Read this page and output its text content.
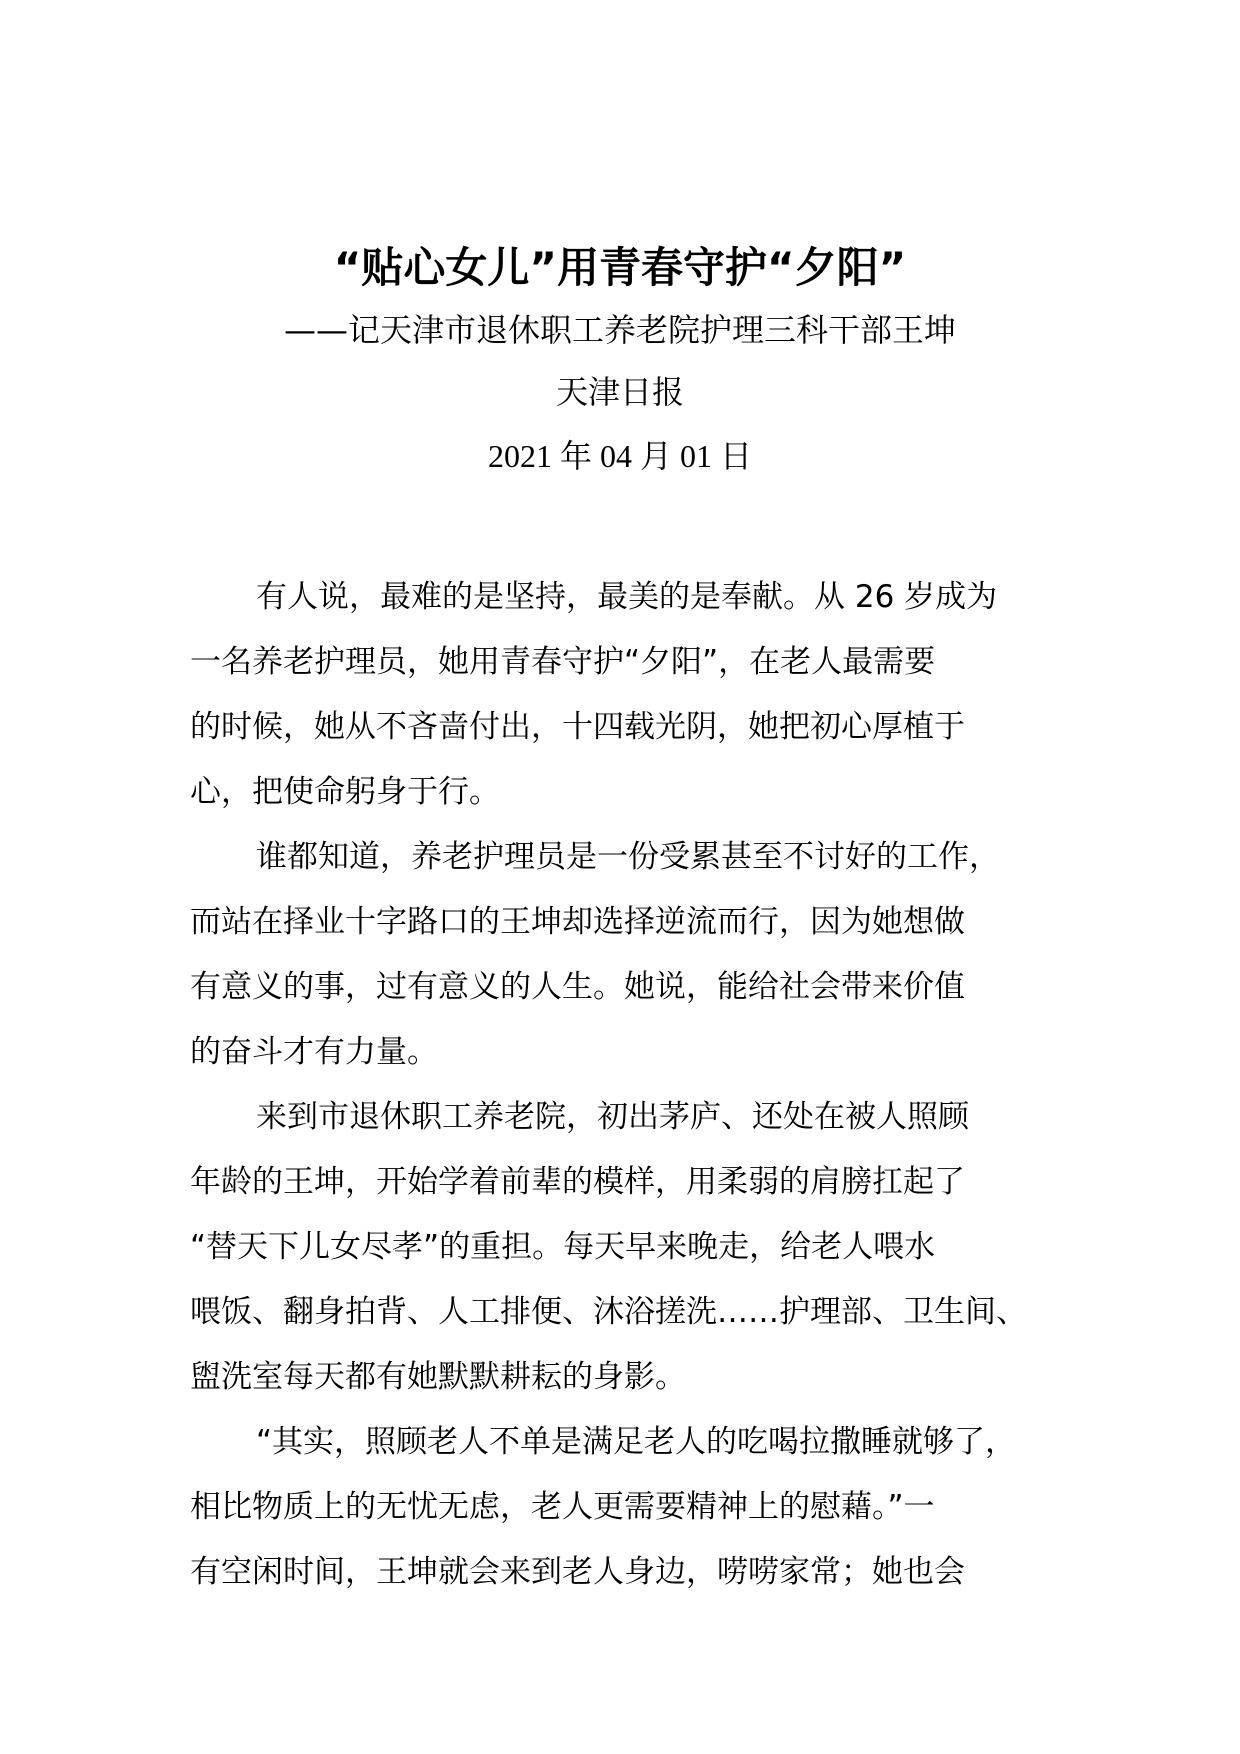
“贴心女儿”用青春守护“夕阳”
——记天津市退休职工养老院护理三科干部王坤
天津日报
2021 年 04 月 01 日

有人说，最难的是坚持，最美的是奉献。从 26 岁成为
一名养老护理员，她用青春守护“夕阳”，在老人最需要
的时候，她从不吝啬付出，十四载光阴，她把初心厚植于
心，把使命躬身于行。

谁都知道，养老护理员是一份受累甚至不讨好的工作，
而站在择业十字路口的王坤却选择逆流而行，因为她想做
有意义的事，过有意义的人生。她说，能给社会带来价值
的奋斗才有力量。

来到市退休职工养老院，初出茅庐、还处在被人照顾
年龄的王坤，开始学着前辈的模样，用柔弱的肩膀扛起了
“替天下儿女尽孝”的重担。每天早来晚走，给老人喂水
喂饭、翻身拍背、人工排便、沐浴搓洗……护理部、卫生间、
盥洗室每天都有她默默耕耘的身影。

“其实，照顾老人不单是满足老人的吃喝拉撒睡就够了，
相比物质上的无忧无虑，老人更需要精神上的慰藉。”一
有空闲时间，王坤就会来到老人身边，唠唠家常；她也会
